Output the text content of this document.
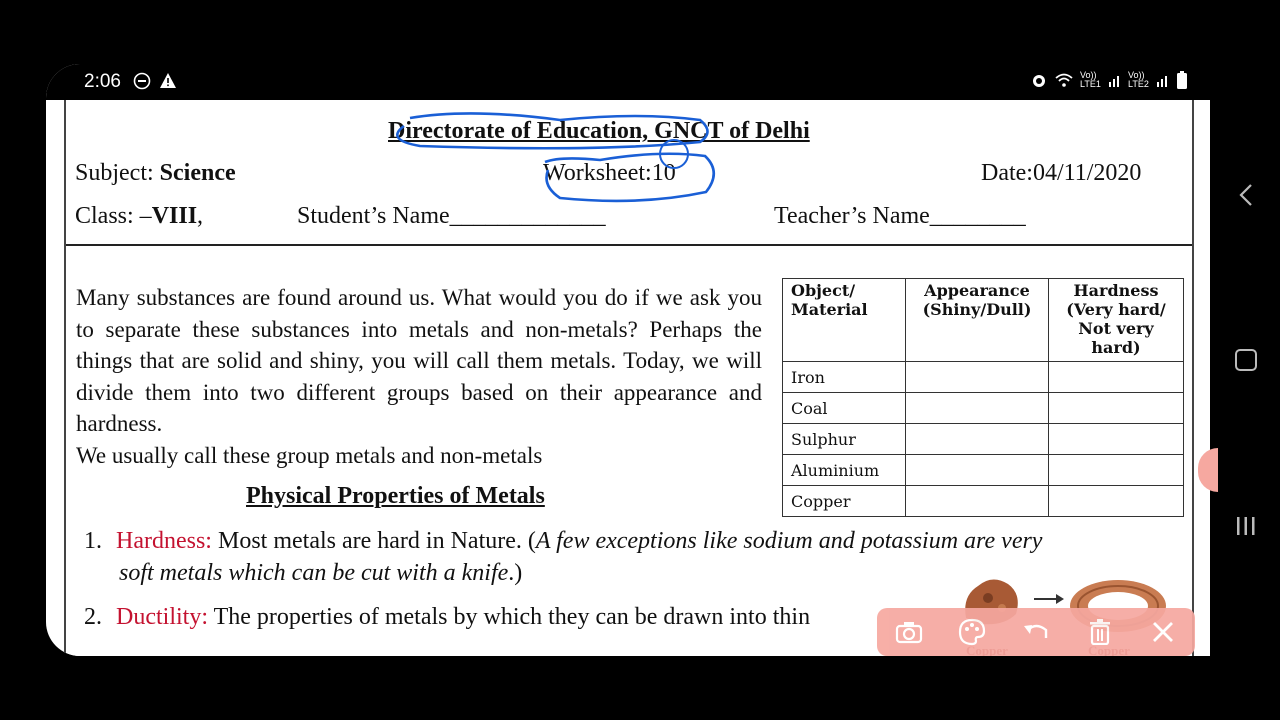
2:06	Vo)) LTE1
Vo)) LTE2
Directorate of Education, GNCT of Delhi
Subject: Science	Worksheet:10	Date:04/11/2020
Class: –VIII,	Student’s Name_____________	Teacher’s Name________

Many substances are found around us. What would you do if we ask you to separate these substances into metals and non-metals? Perhaps the things that are solid and shiny, you will call them metals. Today, we will divide them into two different groups based on their appearance and hardness.

We usually call these group metals and non-metals

Object/ Material	Appearance (Shiny/Dull)	Hardness (Very hard/ Not very hard)
Iron		
Coal		
Sulphur		
Aluminium		
Copper		
Physical Properties of Metals
1. Hardness: Most metals are hard in Nature. (A few exceptions like sodium and potassium are very
soft metals which can be cut with a knife.)
2. Ductility: The properties of metals by which they can be drawn into thin
